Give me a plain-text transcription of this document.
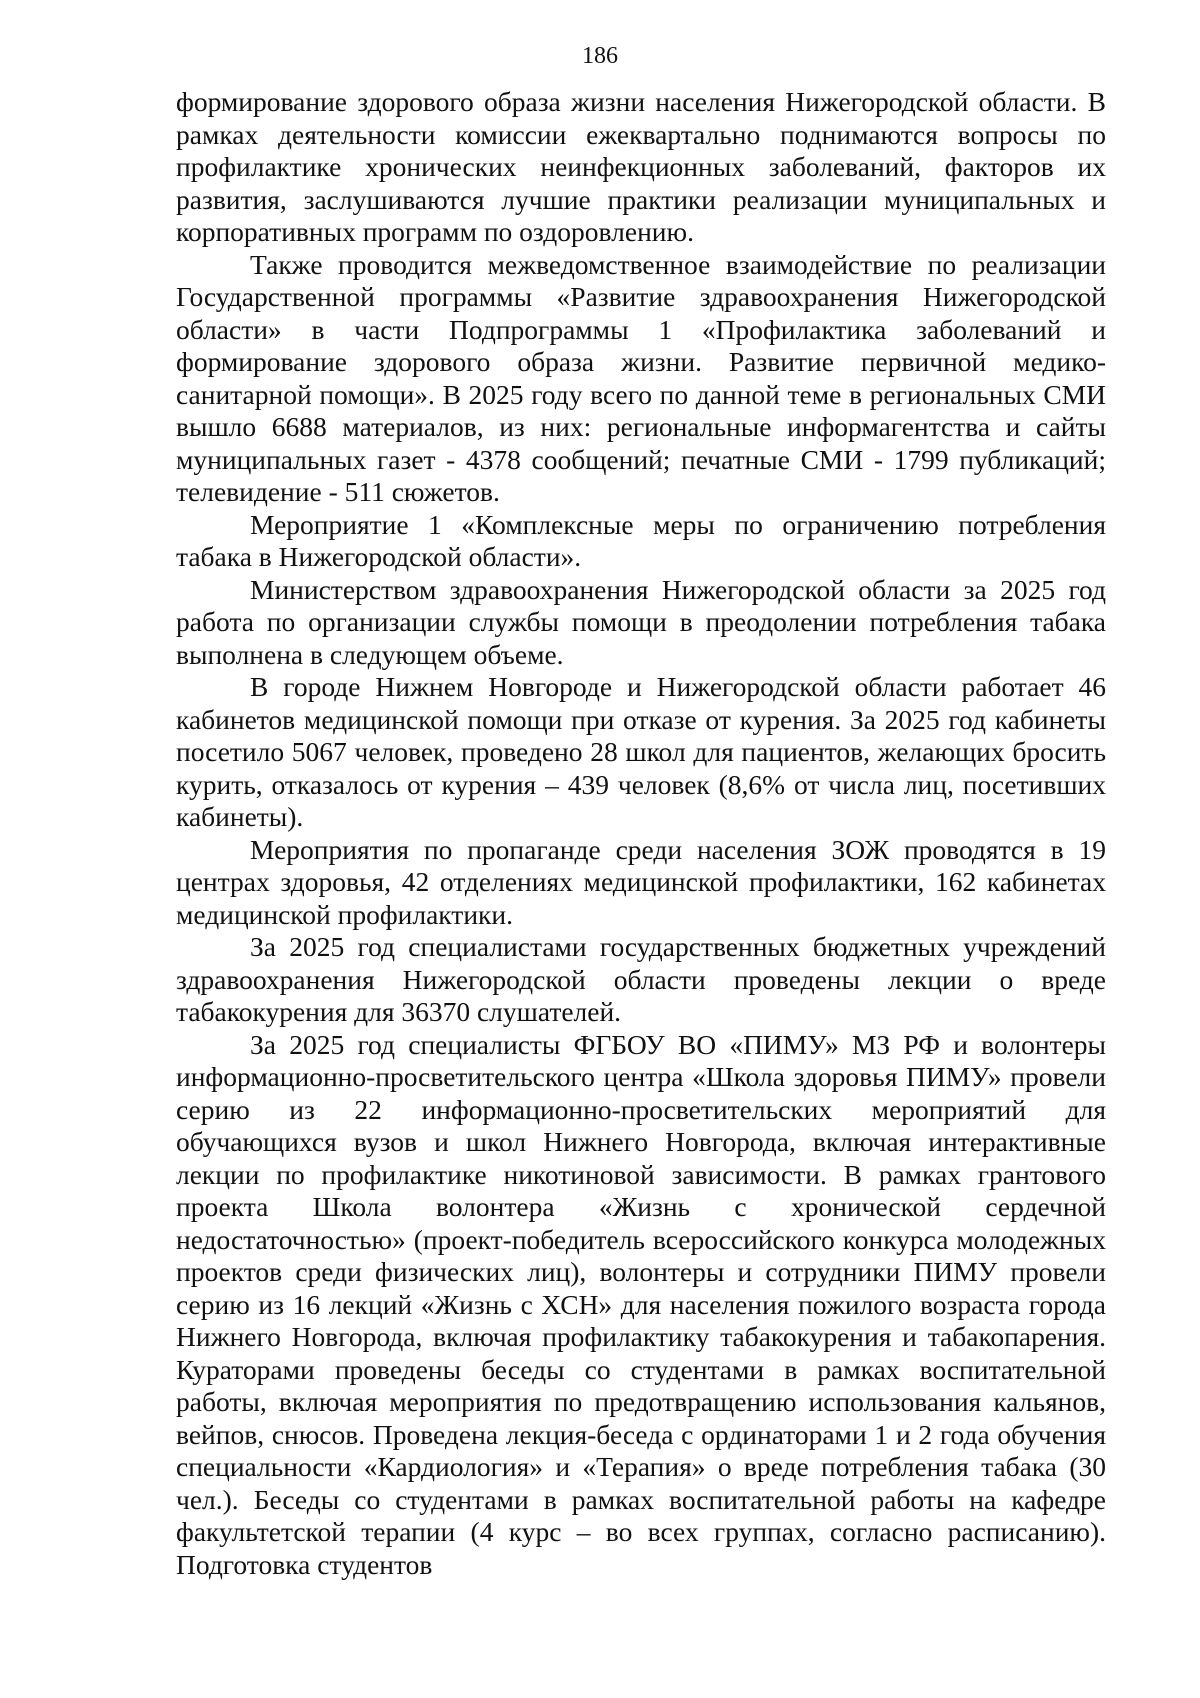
186

формирование здорового образа жизни населения Нижегородской области. В рамках деятельности комиссии ежеквартально поднимаются вопросы по профилактике хронических неинфекционных заболеваний, факторов их развития, заслушиваются лучшие практики реализации муниципальных и корпоративных программ по оздоровлению.

Также проводится межведомственное взаимодействие по реализации Государственной программы «Развитие здравоохранения Нижегородской области» в части Подпрограммы 1 «Профилактика заболеваний и формирование здорового образа жизни. Развитие первичной медико-санитарной помощи». В 2025 году всего по данной теме в региональных СМИ вышло 6688 материалов, из них: региональные информагентства и сайты муниципальных газет - 4378 сообщений; печатные СМИ - 1799 публикаций; телевидение - 511 сюжетов.

Мероприятие 1 «Комплексные меры по ограничению потребления табака в Нижегородской области».

Министерством здравоохранения Нижегородской области за 2025 год работа по организации службы помощи в преодолении потребления табака выполнена в следующем объеме.

В городе Нижнем Новгороде и Нижегородской области работает 46 кабинетов медицинской помощи при отказе от курения. За 2025 год кабинеты посетило 5067 человек, проведено 28 школ для пациентов, желающих бросить курить, отказалось от курения – 439 человек (8,6% от числа лиц, посетивших кабинеты).

Мероприятия по пропаганде среди населения ЗОЖ проводятся в 19 центрах здоровья, 42 отделениях медицинской профилактики, 162 кабинетах медицинской профилактики.

За 2025 год специалистами государственных бюджетных учреждений здравоохранения Нижегородской области проведены лекции о вреде табакокурения для 36370 слушателей.

За 2025 год специалисты ФГБОУ ВО «ПИМУ» МЗ РФ и волонтеры информационно-просветительского центра «Школа здоровья ПИМУ» провели серию из 22 информационно-просветительских мероприятий для обучающихся вузов и школ Нижнего Новгорода, включая интерактивные лекции по профилактике никотиновой зависимости. В рамках грантового проекта Школа волонтера «Жизнь с хронической сердечной недостаточностью» (проект-победитель всероссийского конкурса молодежных проектов среди физических лиц), волонтеры и сотрудники ПИМУ провели серию из 16 лекций «Жизнь с ХСН» для населения пожилого возраста города Нижнего Новгорода, включая профилактику табакокурения и табакопарения. Кураторами проведены беседы со студентами в рамках воспитательной работы, включая мероприятия по предотвращению использования кальянов, вейпов, снюсов. Проведена лекция-беседа с ординаторами 1 и 2 года обучения специальности «Кардиология» и «Терапия» о вреде потребления табака (30 чел.). Беседы со студентами в рамках воспитательной работы на кафедре факультетской терапии (4 курс – во всех группах, согласно расписанию). Подготовка студентов
